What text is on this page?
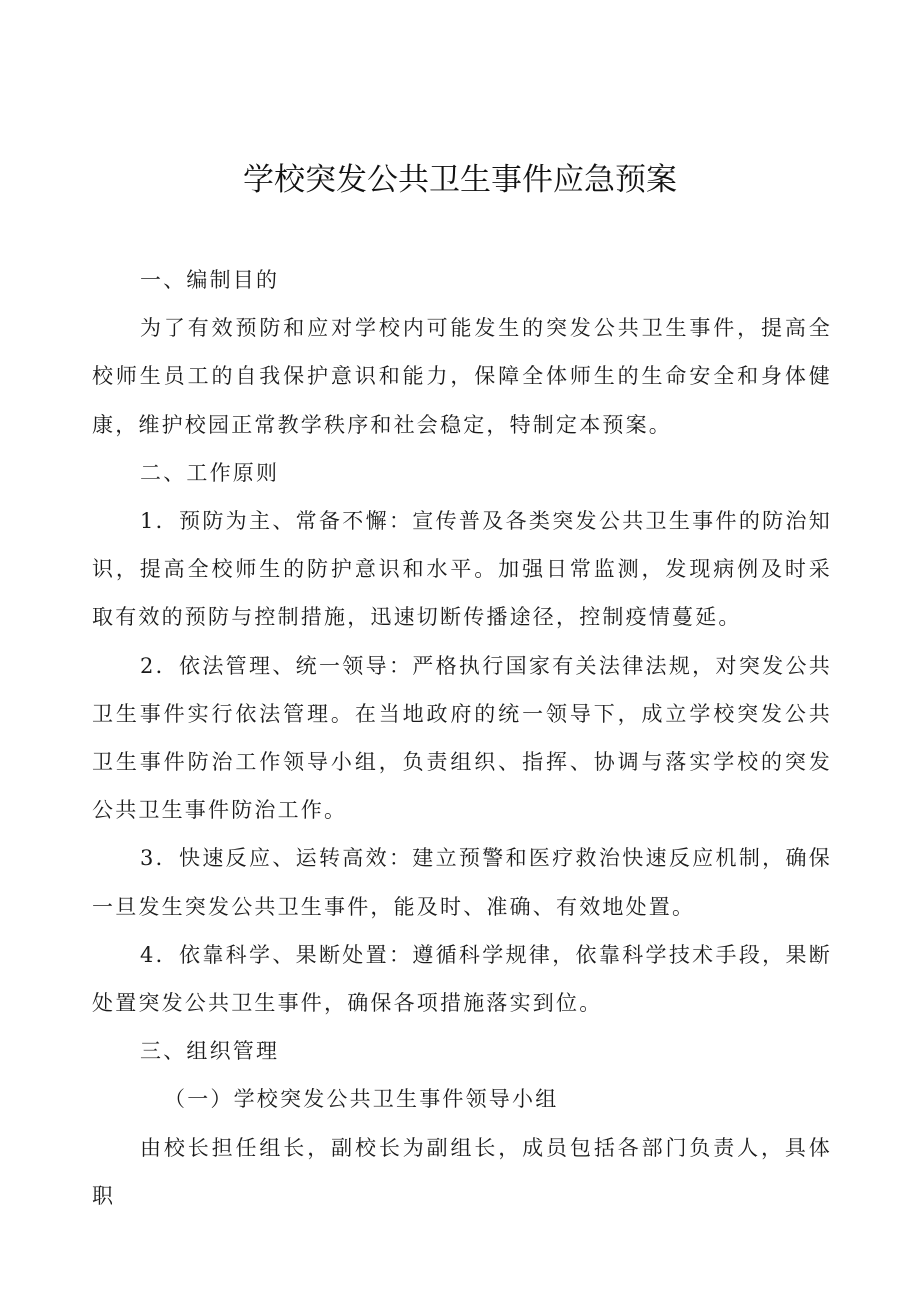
学校突发公共卫生事件应急预案

一、编制目的

为了有效预防和应对学校内可能发生的突发公共卫生事件，提高全校师生员工的自我保护意识和能力，保障全体师生的生命安全和身体健康，维护校园正常教学秩序和社会稳定，特制定本预案。

二、工作原则

1．预防为主、常备不懈：宣传普及各类突发公共卫生事件的防治知识，提高全校师生的防护意识和水平。加强日常监测，发现病例及时采取有效的预防与控制措施，迅速切断传播途径，控制疫情蔓延。

2．依法管理、统一领导：严格执行国家有关法律法规，对突发公共卫生事件实行依法管理。在当地政府的统一领导下，成立学校突发公共卫生事件防治工作领导小组，负责组织、指挥、协调与落实学校的突发公共卫生事件防治工作。

3．快速反应、运转高效：建立预警和医疗救治快速反应机制，确保一旦发生突发公共卫生事件，能及时、准确、有效地处置。

4．依靠科学、果断处置：遵循科学规律，依靠科学技术手段，果断处置突发公共卫生事件，确保各项措施落实到位。

三、组织管理

（一）学校突发公共卫生事件领导小组

由校长担任组长，副校长为副组长，成员包括各部门负责人，具体职
